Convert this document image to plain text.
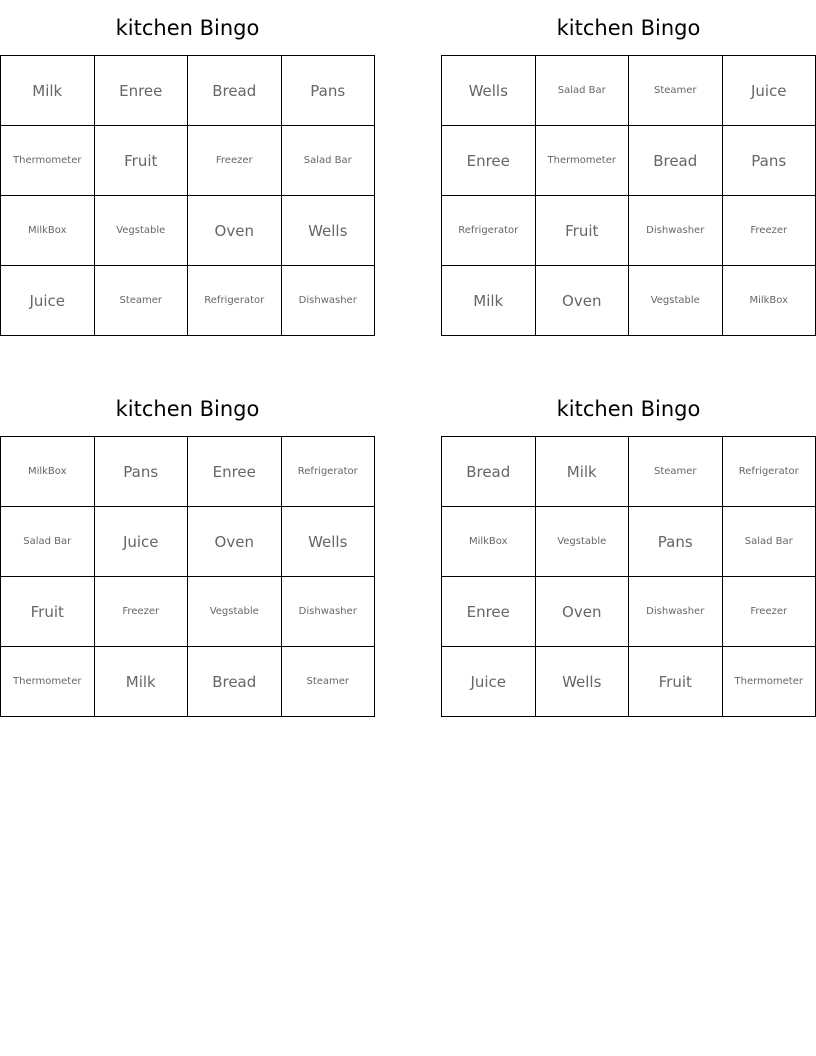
kitchen Bingo
Milk	Enree	Bread	Pans
Thermometer	Fruit	Freezer	Salad Bar
MilkBox	Vegstable	Oven	Wells
Juice	Steamer	Refrigerator	Dishwasher
kitchen Bingo
Wells	Salad Bar	Steamer	Juice
Enree	Thermometer	Bread	Pans
Refrigerator	Fruit	Dishwasher	Freezer
Milk	Oven	Vegstable	MilkBox
kitchen Bingo
MilkBox	Pans	Enree	Refrigerator
Salad Bar	Juice	Oven	Wells
Fruit	Freezer	Vegstable	Dishwasher
Thermometer	Milk	Bread	Steamer
kitchen Bingo
Bread	Milk	Steamer	Refrigerator
MilkBox	Vegstable	Pans	Salad Bar
Enree	Oven	Dishwasher	Freezer
Juice	Wells	Fruit	Thermometer
